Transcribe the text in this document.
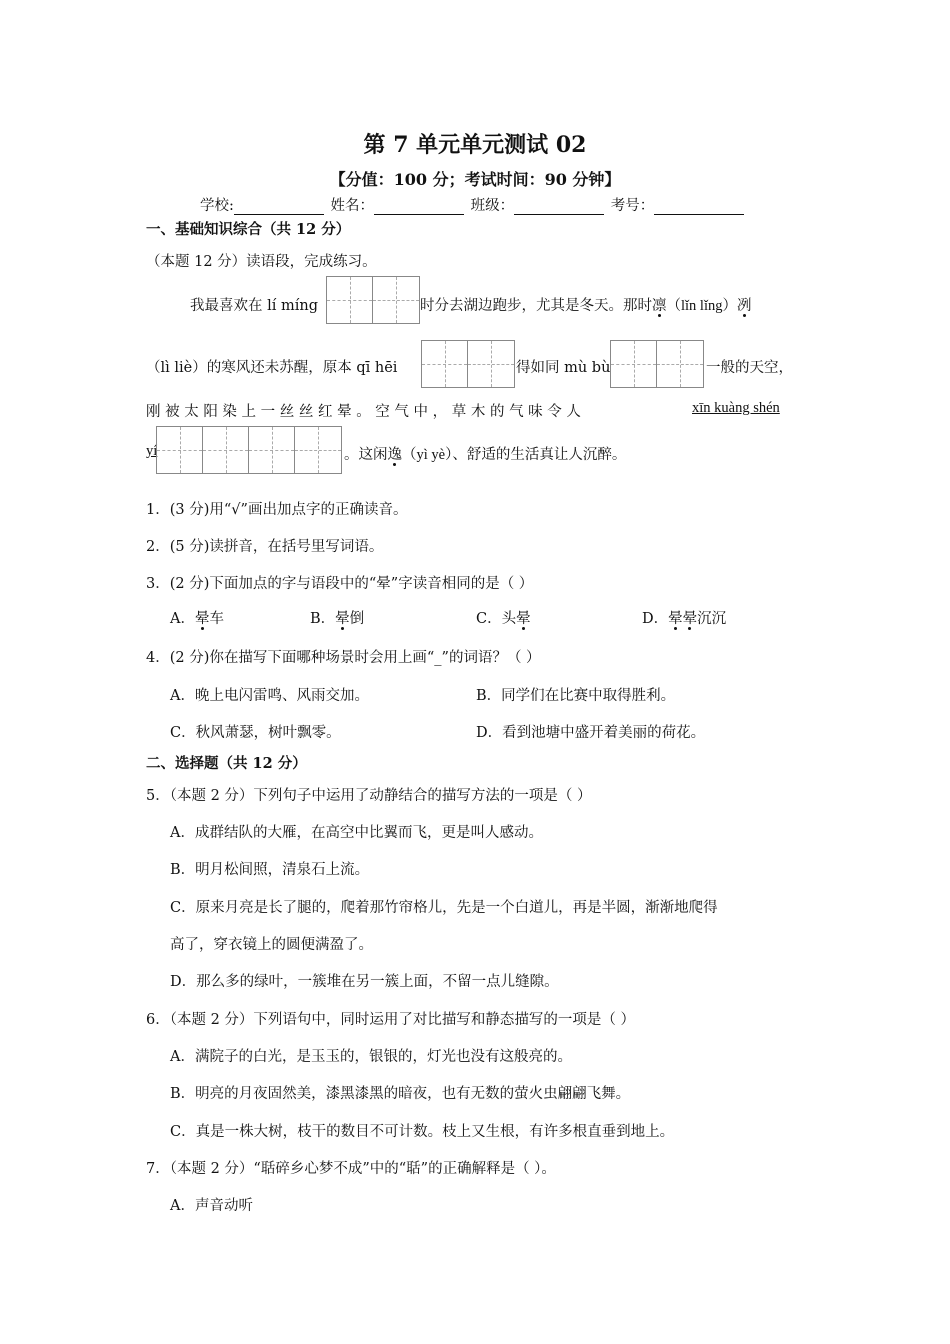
第 7 单元单元测试 02
【分值：100 分；考试时间：90 分钟】
学校:	姓名：	班级：	考号：
一、基础知识综合（共 12 分）
（本题 12 分）读语段，完成练习。
我最喜欢在 lí míng	时分去湖边跑步，尤其是冬天。那时凛（lǐn lǐng）冽
（lì liè）的寒风还未苏醒，原本 qī hēi	得如同 mù bù	一般的天空，
刚 被 太 阳 染 上 一 丝 丝 红 晕 。 空 气 中 ， 草 木 的 气 味 令 人	xīn kuàng shén
yí	。这闲逸（yì yè）、舒适的生活真让人沉醉。
1．(3 分)用“√”画出加点字的正确读音。
2．(5 分)读拼音，在括号里写词语。
3．(2 分)下面加点的字与语段中的“晕”字读音相同的是（ ）
A．晕车	B．晕倒	C．头晕	D．晕晕沉沉
4．(2 分)你在描写下面哪种场景时会用上画“_”的词语？（ ）
A．晚上电闪雷鸣、风雨交加。	B．同学们在比赛中取得胜利。
C．秋风萧瑟，树叶飘零。	D．看到池塘中盛开着美丽的荷花。
二、选择题（共 12 分）
5．（本题 2 分）下列句子中运用了动静结合的描写方法的一项是（ ）
A．成群结队的大雁，在高空中比翼而飞，更是叫人感动。
B．明月松间照，清泉石上流。
C．原来月亮是长了腿的，爬着那竹帘格儿，先是一个白道儿，再是半圆，渐渐地爬得
高了，穿衣镜上的圆便满盈了。
D．那么多的绿叶，一簇堆在另一簇上面，不留一点儿缝隙。
6．（本题 2 分）下列语句中，同时运用了对比描写和静态描写的一项是（ ）
A．满院子的白光，是玉玉的，银银的，灯光也没有这般亮的。
B．明亮的月夜固然美，漆黑漆黑的暗夜，也有无数的萤火虫翩翩飞舞。
C．真是一株大树，枝干的数目不可计数。枝上又生根，有许多根直垂到地上。
7．（本题 2 分）“聒碎乡心梦不成”中的“聒”的正确解释是（ ）。
A．声音动听
